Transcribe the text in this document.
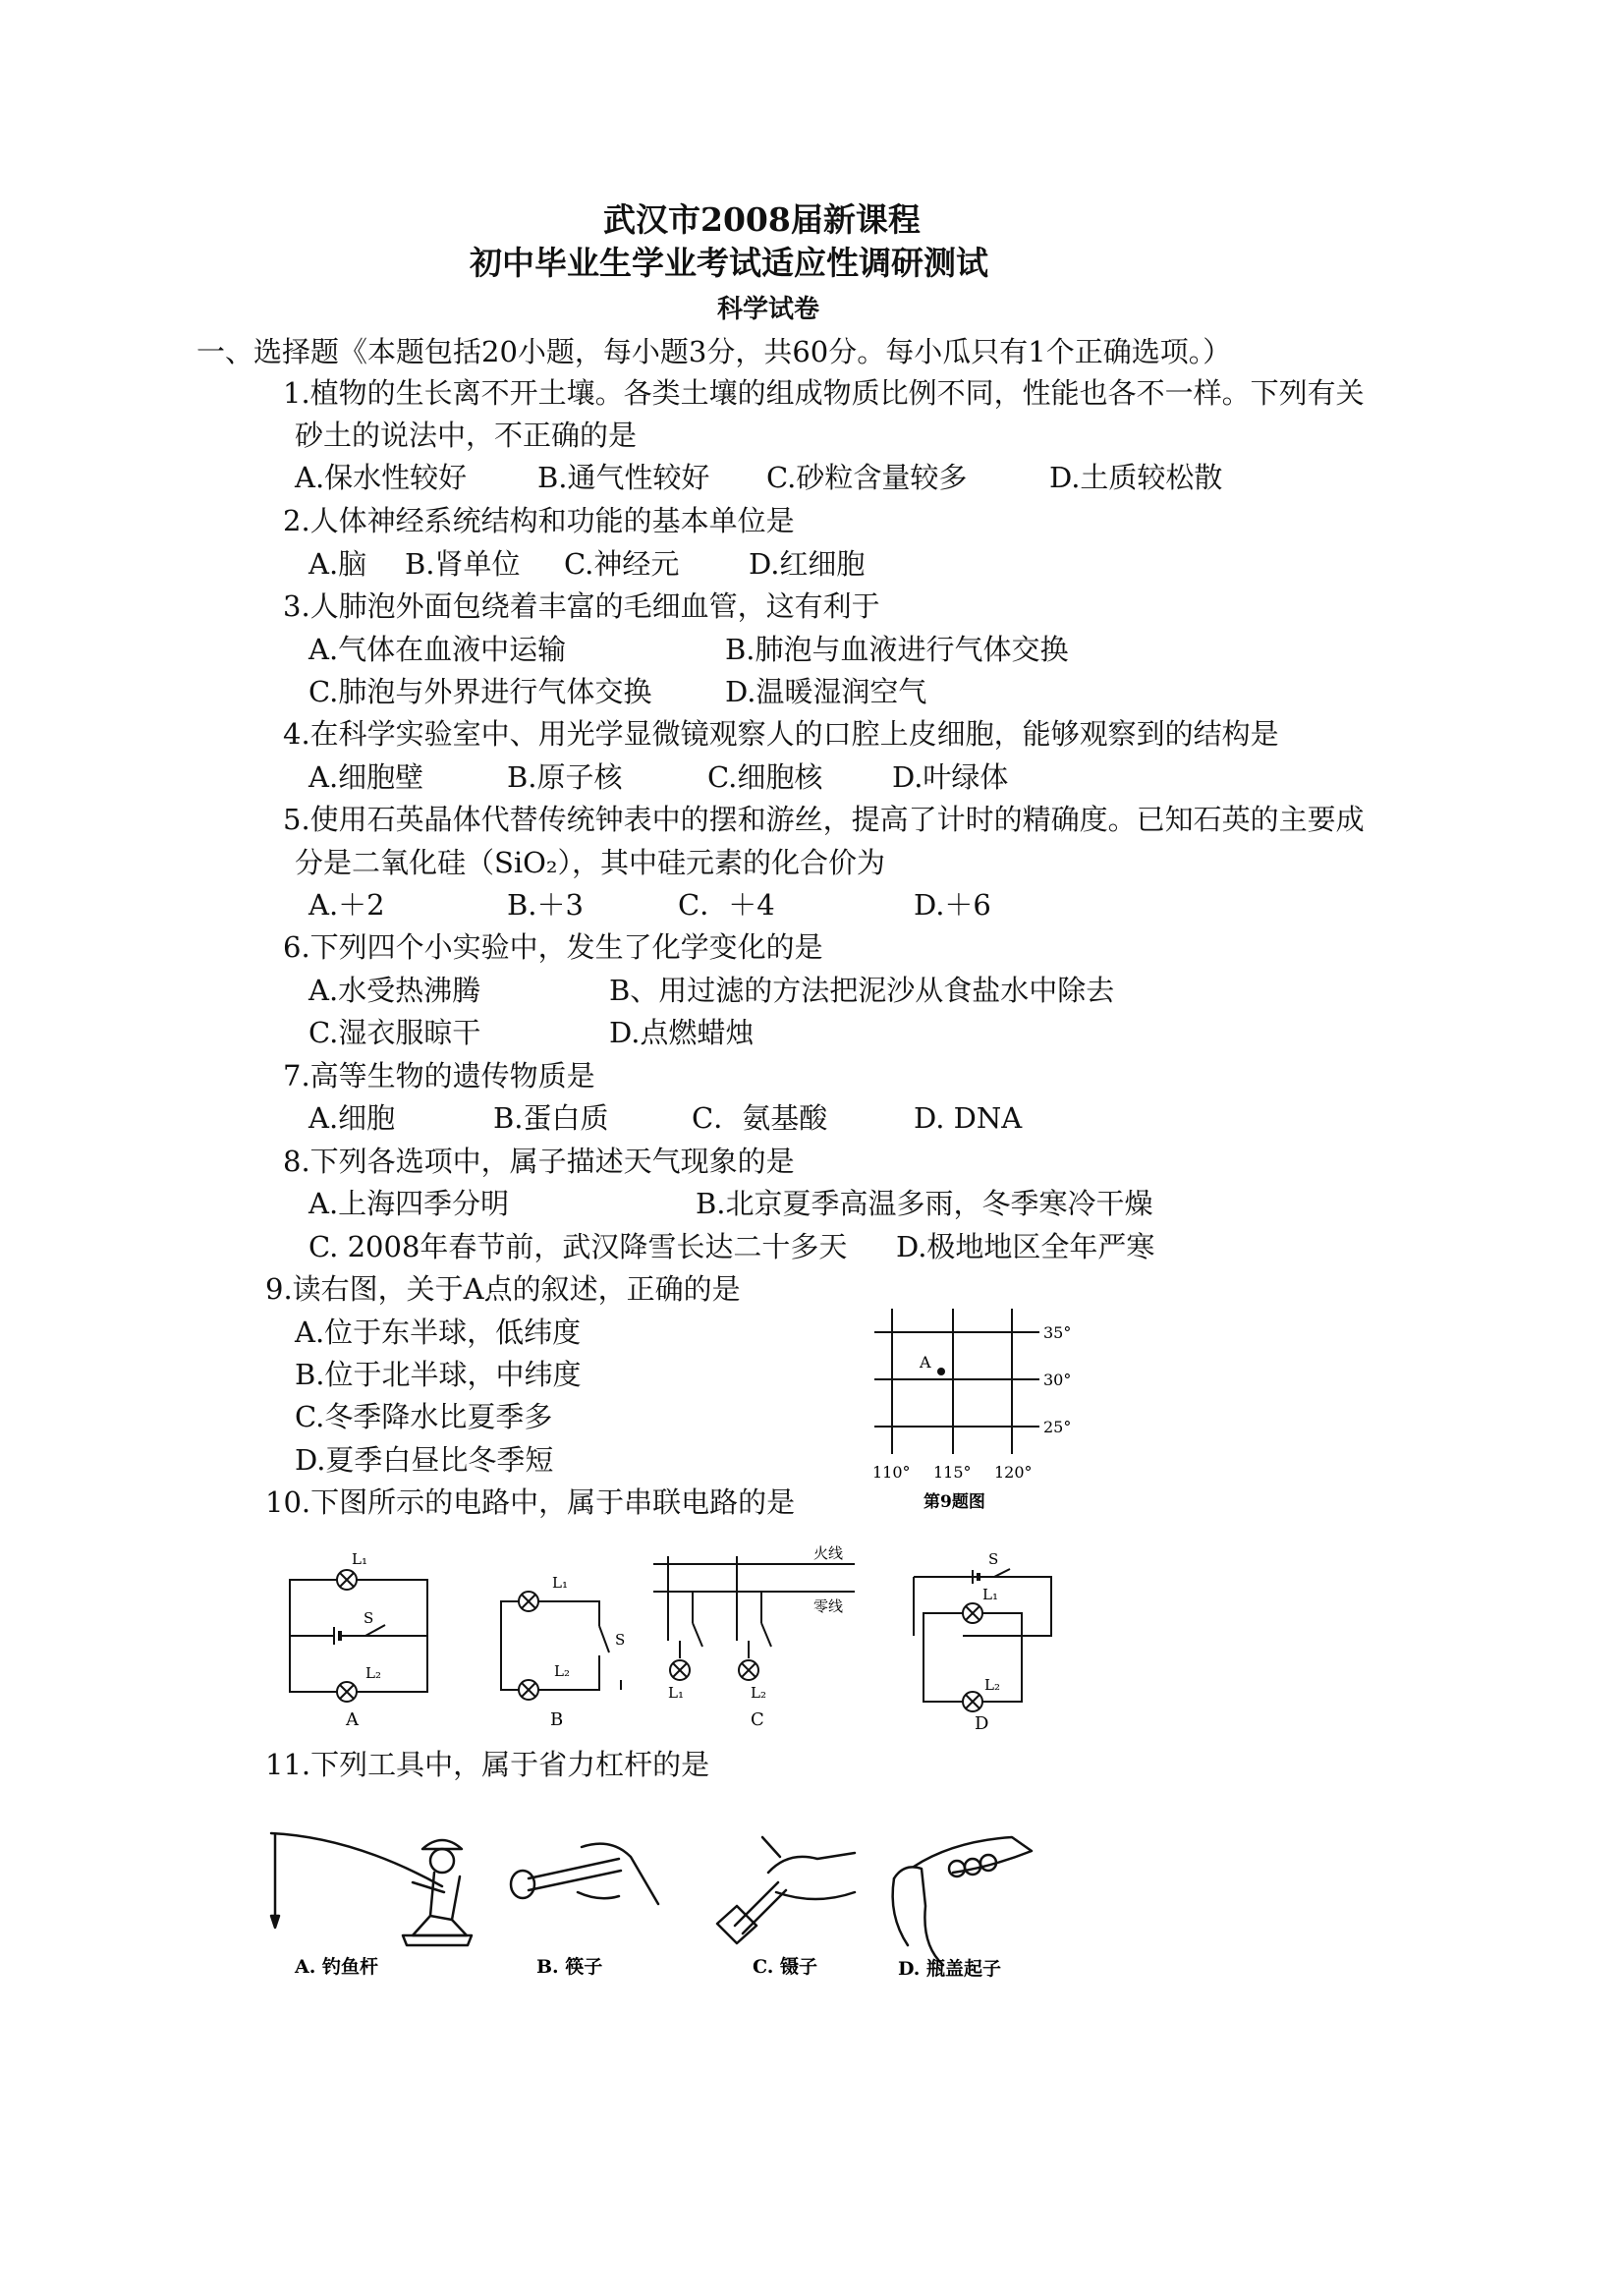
武汉市2008届新课程
初中毕业生学业考试适应性调研测试
科学试卷
一、选择题《本题包括20小题，每小题3分，共60分。每小瓜只有1个正确选项。）
1.植物的生长离不开土壤。各类土壤的组成物质比例不同，性能也各不一样。下列有关
砂土的说法中，不正确的是
A.保水性较好 B.通气性较好 C.砂粒含量较多	D.土质较松散
2.人体神经系统结构和功能的基本单位是
A.脑 B.肾单位 C.神经元 D.红细胞
3.人肺泡外面包绕着丰富的毛细血管，这有利于
A.气体在血液中运输	B.肺泡与血液进行气体交换
C.肺泡与外界进行气体交换	D.温暖湿润空气
4.在科学实验室中、用光学显微镜观察人的口腔上皮细胞，能够观察到的结构是
A.细胞壁	B.原子核	C.细胞核 D.叶绿体
5.使用石英晶体代替传统钟表中的摆和游丝，提高了计时的精确度。已知石英的主要成
分是二氧化硅（SiO₂），其中硅元素的化合价为
A.＋2	B.＋3	C．＋4	D.＋6
6.下列四个小实验中，发生了化学变化的是
A.水受热沸腾	B、用过滤的方法把泥沙从食盐水中除去
C.湿衣服晾干	D.点燃蜡烛
7.高等生物的遗传物质是
A.细胞	B.蛋白质	C．氨基酸	D. DNA
8.下列各选项中，属子描述天气现象的是
A.上海四季分明	B.北京夏季高温多雨，冬季寒冷干燥
C. 2008年春节前，武汉降雪长达二十多天 D.极地地区全年严寒
9.读右图，关于A点的叙述，正确的是
A.位于东半球，低纬度
B.位于北半球，中纬度
C.冬季降水比夏季多
D.夏季白昼比冬季短
A
35°
30°
25°
110° 115° 120°
第9题图
10.下图所示的电路中，属于串联电路的是
L₁
S
L₂
L₁
S
L₂
火线
零线
L₁	L₂
S
L₁
L₂
A	B	C	D
11.下列工具中，属于省力杠杆的是
A. 钓鱼杆	B. 筷子	C. 镊子	D. 瓶盖起子
